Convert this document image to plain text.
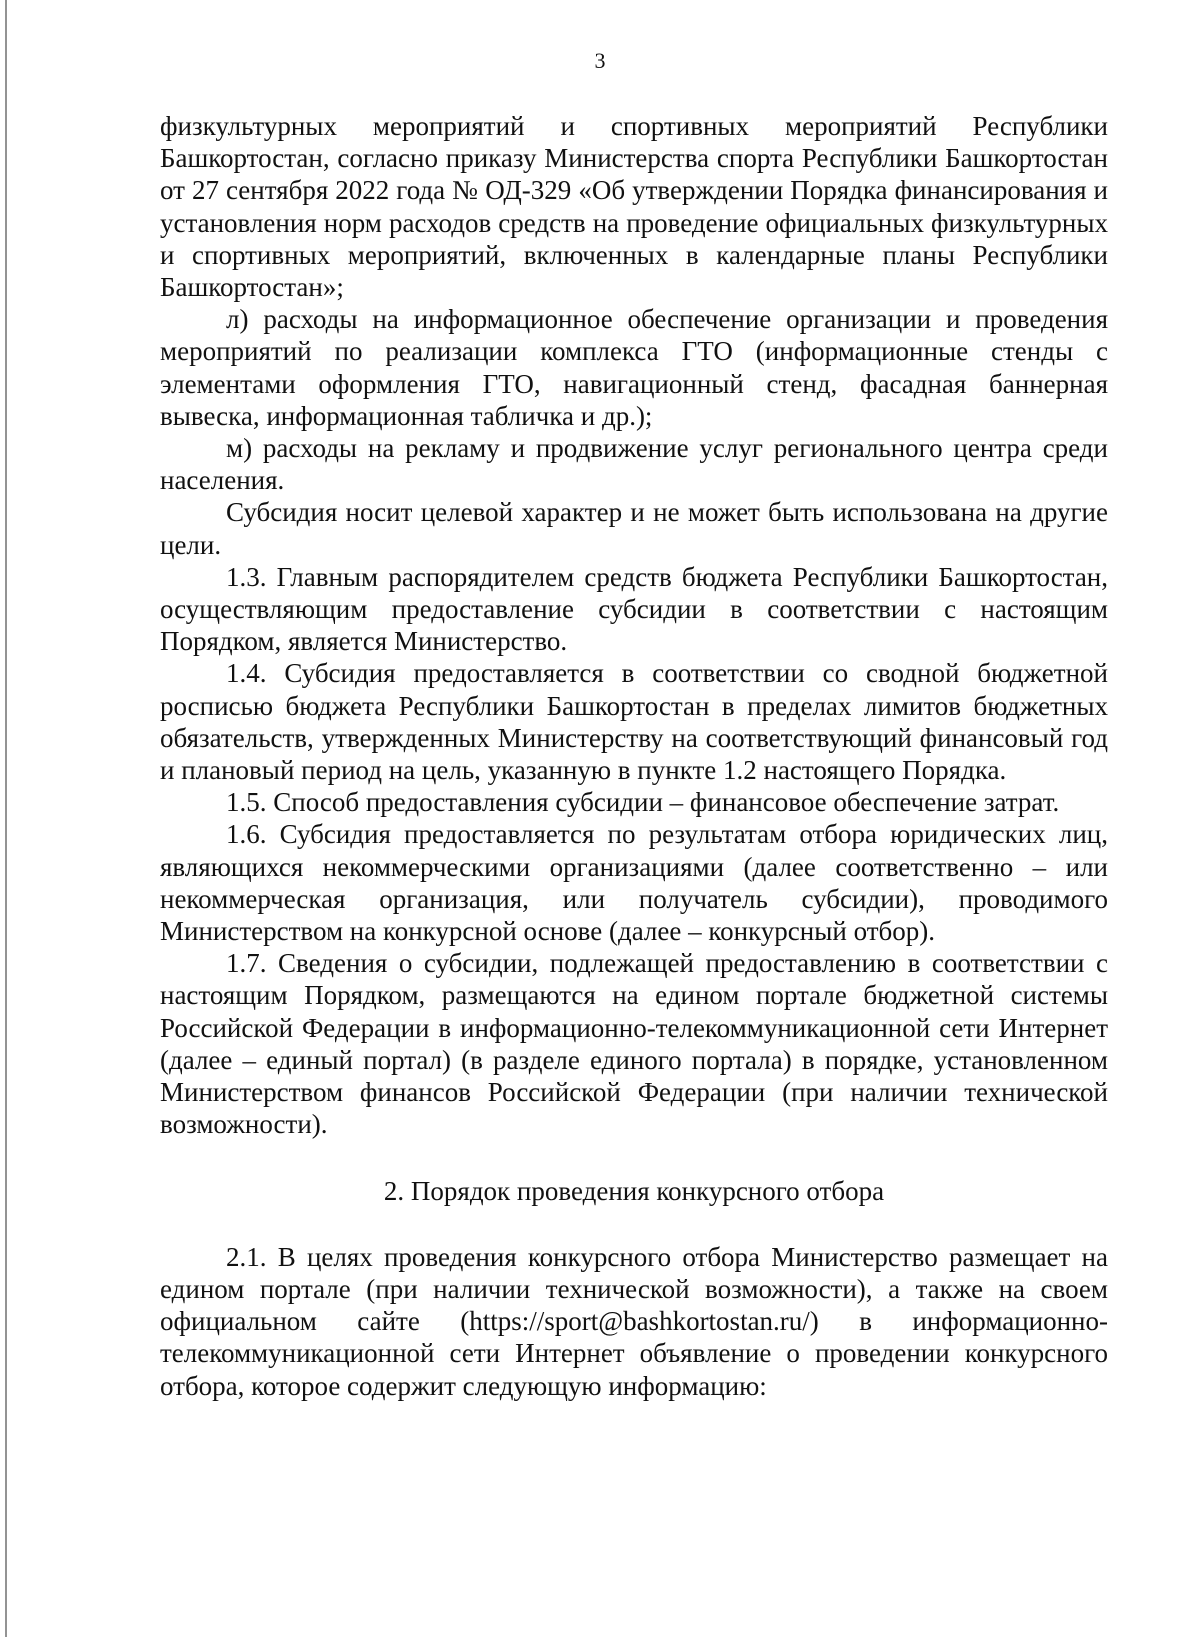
3

физкультурных мероприятий и спортивных мероприятий Республики Башкортостан, согласно приказу Министерства спорта Республики Башкортостан от 27 сентября 2022 года № ОД-329 «Об утверждении Порядка финансирования и установления норм расходов средств на проведение официальных физкультурных и спортивных мероприятий, включенных в календарные планы Республики Башкортостан»;

л) расходы на информационное обеспечение организации и проведения мероприятий по реализации комплекса ГТО (информационные стенды с элементами оформления ГТО, навигационный стенд, фасадная баннерная вывеска, информационная табличка и др.);

м) расходы на рекламу и продвижение услуг регионального центра среди населения.

Субсидия носит целевой характер и не может быть использована на другие цели.

1.3. Главным распорядителем средств бюджета Республики Башкортостан, осуществляющим предоставление субсидии в соответствии с настоящим Порядком, является Министерство.

1.4. Субсидия предоставляется в соответствии со сводной бюджетной росписью бюджета Республики Башкортостан в пределах лимитов бюджетных обязательств, утвержденных Министерству на соответствующий финансовый год и плановый период на цель, указанную в пункте 1.2 настоящего Порядка.

1.5. Способ предоставления субсидии – финансовое обеспечение затрат.

1.6. Субсидия предоставляется по результатам отбора юридических лиц, являющихся некоммерческими организациями (далее соответственно – или некоммерческая организация, или получатель субсидии), проводимого Министерством на конкурсной основе (далее – конкурсный отбор).

1.7. Сведения о субсидии, подлежащей предоставлению в соответствии с настоящим Порядком, размещаются на едином портале бюджетной системы Российской Федерации в информационно-телекоммуникационной сети Интернет (далее – единый портал) (в разделе единого портала) в порядке, установленном Министерством финансов Российской Федерации (при наличии технической возможности).

2. Порядок проведения конкурсного отбора

2.1. В целях проведения конкурсного отбора Министерство размещает на едином портале (при наличии технической возможности), а также на своем официальном сайте (https://sport@bashkortostan.ru/) в информационно-телекоммуникационной сети Интернет объявление о проведении конкурсного отбора, которое содержит следующую информацию:
